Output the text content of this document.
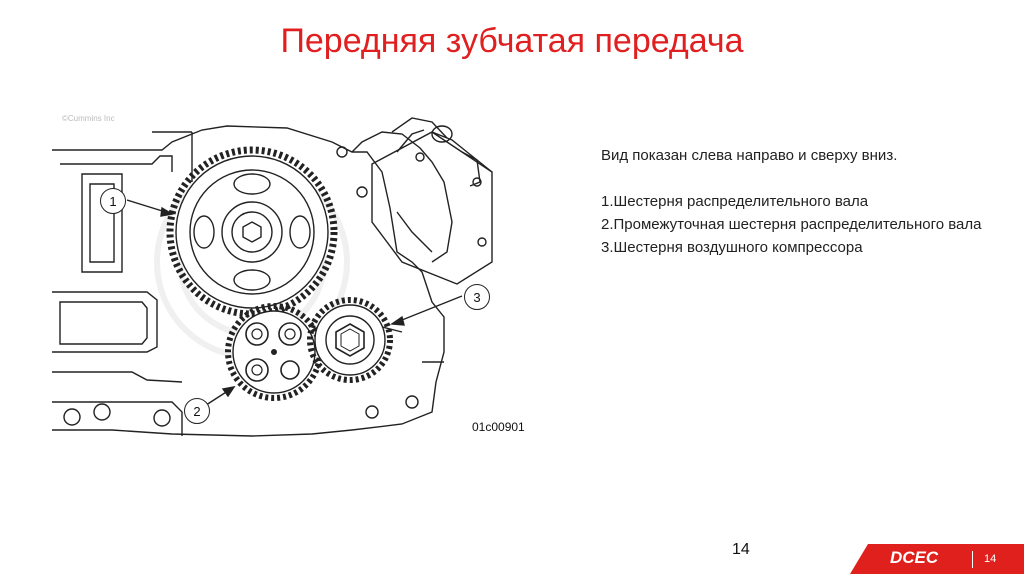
Передняя зубчатая передача
1
2
3
©Cummins Inc
01c00901
Вид показан слева направо и сверху вниз.

1.Шестерня распределительного вала

2.Промежуточная шестерня распределительного вала

3.Шестерня воздушного компрессора

14	DCEC	14
